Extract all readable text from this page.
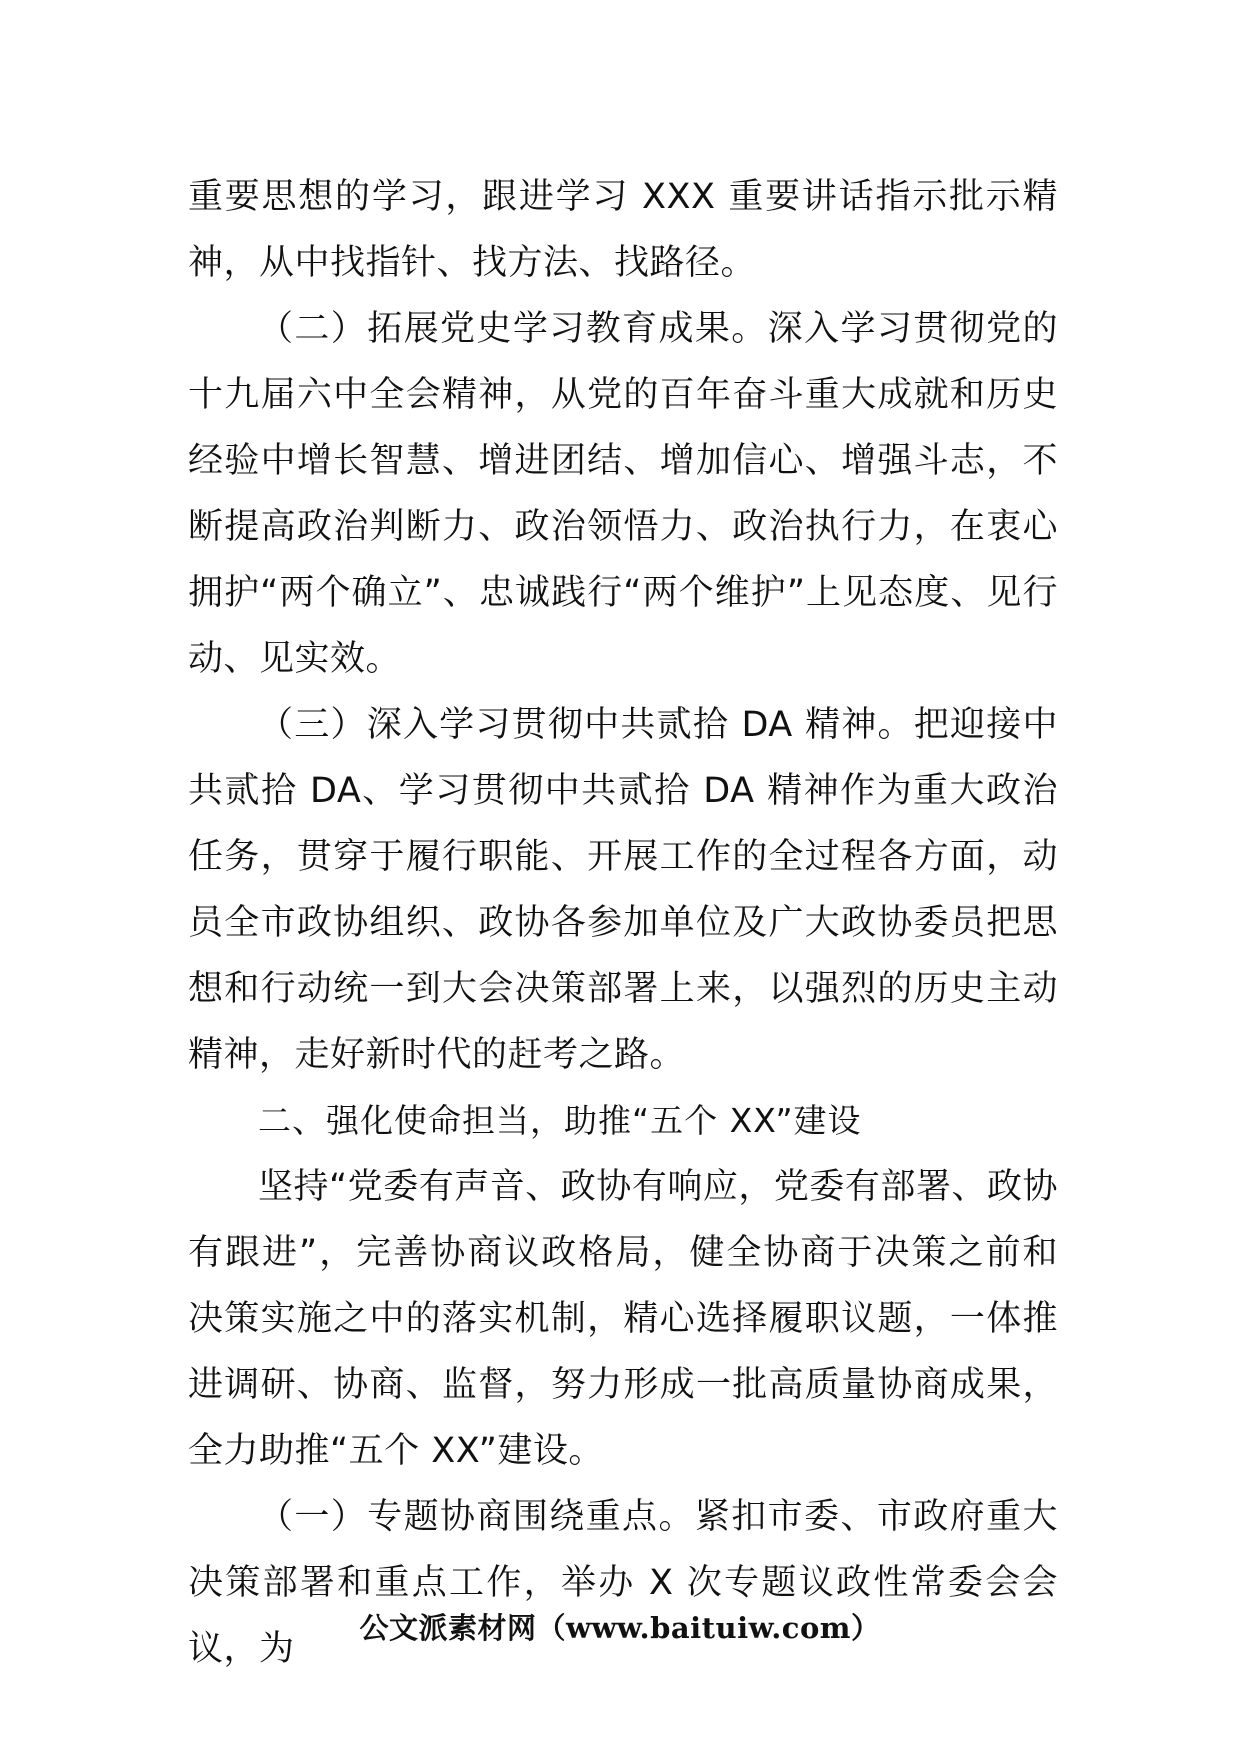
重要思想的学习，跟进学习 XXX 重要讲话指示批示精神，从中找指针、找方法、找路径。

（二）拓展党史学习教育成果。深入学习贯彻党的十九届六中全会精神，从党的百年奋斗重大成就和历史经验中增长智慧、增进团结、增加信心、增强斗志，不断提高政治判断力、政治领悟力、政治执行力，在衷心拥护“两个确立”、忠诚践行“两个维护”上见态度、见行动、见实效。

（三）深入学习贯彻中共贰拾 DA 精神。把迎接中共贰拾 DA、学习贯彻中共贰拾 DA 精神作为重大政治任务，贯穿于履行职能、开展工作的全过程各方面，动员全市政协组织、政协各参加单位及广大政协委员把思想和行动统一到大会决策部署上来，以强烈的历史主动精神，走好新时代的赶考之路。

二、强化使命担当，助推“五个 XX”建设

坚持“党委有声音、政协有响应，党委有部署、政协有跟进”，完善协商议政格局，健全协商于决策之前和决策实施之中的落实机制，精心选择履职议题，一体推进调研、协商、监督，努力形成一批高质量协商成果，全力助推“五个 XX”建设。

（一）专题协商围绕重点。紧扣市委、市政府重大决策部署和重点工作，举办 X 次专题议政性常委会会议，为

公文派素材网（www.baituiw.com）
